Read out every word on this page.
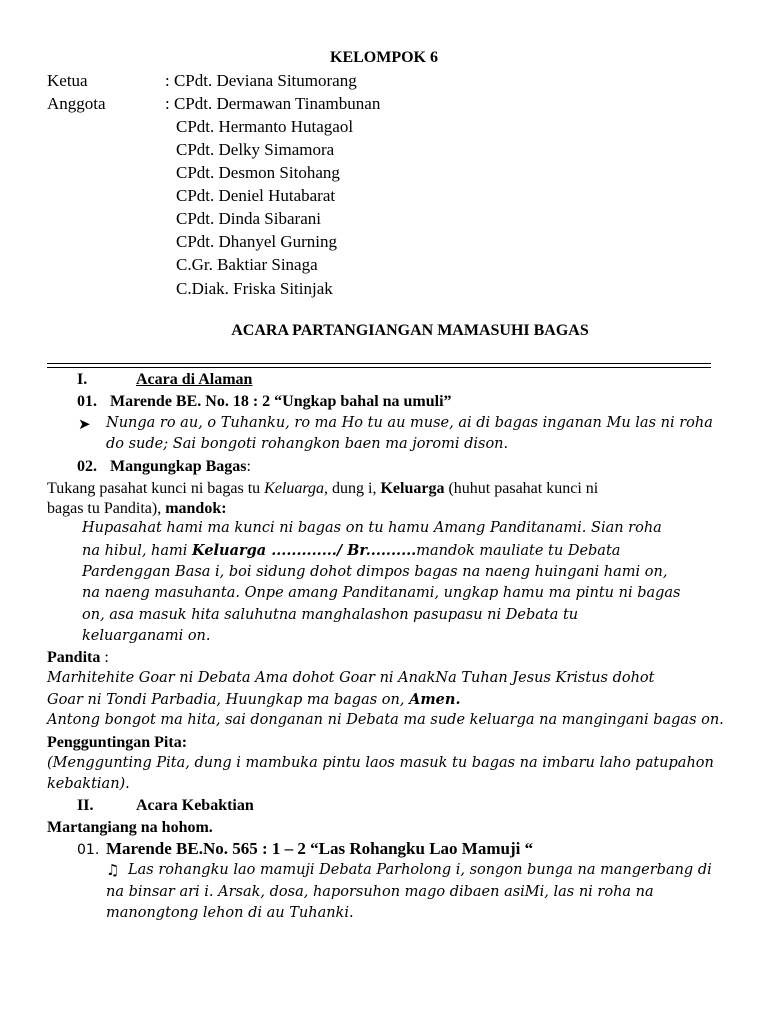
KELOMPOK 6
Ketua	: CPdt. Deviana Situmorang
Anggota	: CPdt. Dermawan Tinambunan
CPdt. Hermanto Hutagaol
CPdt. Delky Simamora
CPdt. Desmon Sitohang
CPdt. Deniel Hutabarat
CPdt. Dinda Sibarani
CPdt. Dhanyel Gurning
C.Gr. Baktiar Sinaga
C.Diak. Friska Sitinjak
ACARA PARTANGIANGAN MAMASUHI BAGAS
I.	Acara di Alaman
01. Marende BE. No. 18 : 2 “Ungkap bahal na umuli”
➤ Nunga ro au, o Tuhanku, ro ma Ho tu au muse, ai di bagas inganan Mu las ni roha
do sude; Sai bongoti rohangkon baen ma joromi dison.
02. Mangungkap Bagas:
Tukang pasahat kunci ni bagas tu Keluarga, dung i, Keluarga (huhut pasahat kunci ni
bagas tu Pandita), mandok:
Hupasahat hami ma kunci ni bagas on tu hamu Amang Panditanami. Sian roha
na hibul, hami Keluarga ............./ Br..........mandok mauliate tu Debata
Pardenggan Basa i, boi sidung dohot dimpos bagas na naeng huingani hami on,
na naeng masuhanta. Onpe amang Panditanami, ungkap hamu ma pintu ni bagas
on, asa masuk hita saluhutna manghalashon pasupasu ni Debata tu
keluarganami on.
Pandita :
Marhitehite Goar ni Debata Ama dohot Goar ni AnakNa Tuhan Jesus Kristus dohot
Goar ni Tondi Parbadia, Huungkap ma bagas on, Amen.
Antong bongot ma hita, sai donganan ni Debata ma sude keluarga na mangingani bagas on.
Pengguntingan Pita:
(Menggunting Pita, dung i mambuka pintu laos masuk tu bagas na imbaru laho patupahon
kebaktian).
II.	Acara Kebaktian
Martangiang na hohom.
01. Marende BE.No. 565 : 1 – 2 “Las Rohangku Lao Mamuji “
♫ Las rohangku lao mamuji Debata Parholong i, songon bunga na mangerbang di
na binsar ari i. Arsak, dosa, haporsuhon mago dibaen asiMi, las ni roha na
manongtong lehon di au Tuhanki.
